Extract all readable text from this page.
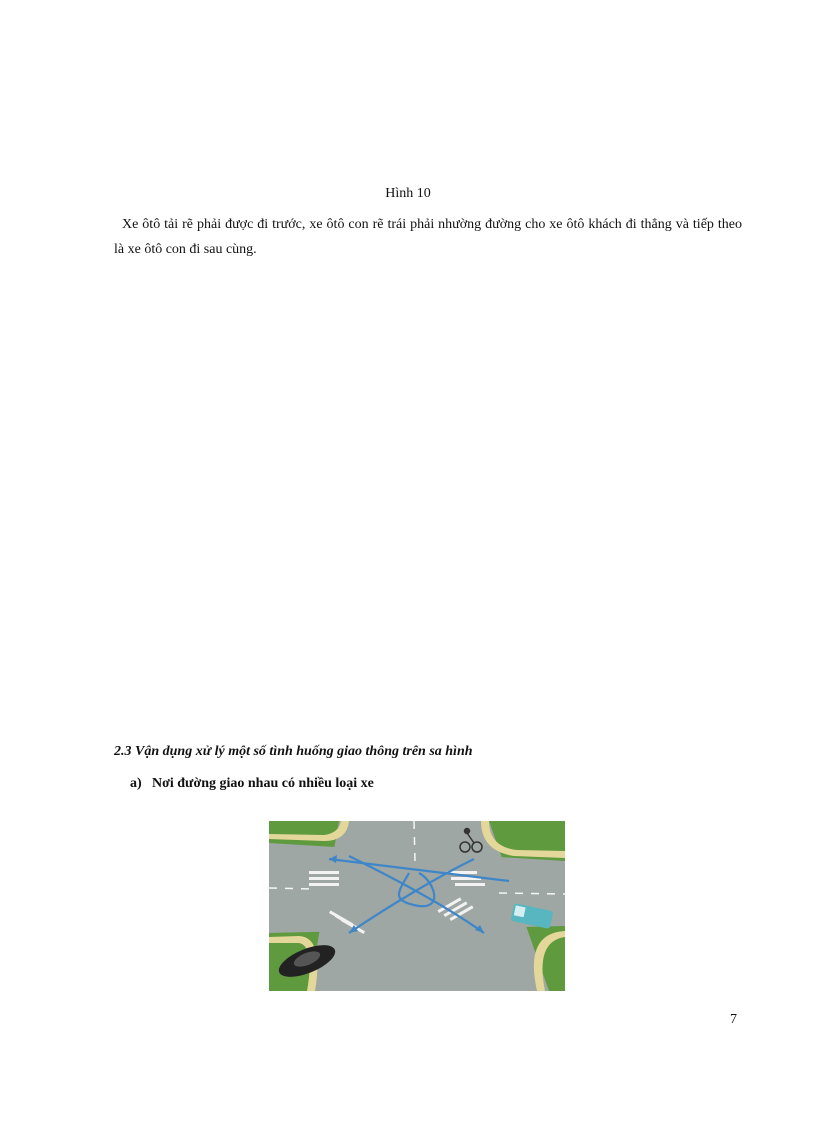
Hình 10

Xe ôtô tải rẽ phải được đi trước, xe ôtô con rẽ trái phải nhường đường cho xe ôtô khách đi thẳng và tiếp theo là xe ôtô con đi sau cùng.

2.3 Vận dụng xử lý một số tình huống giao thông trên sa hình
a) Nơi đường giao nhau có nhiều loại xe
7
